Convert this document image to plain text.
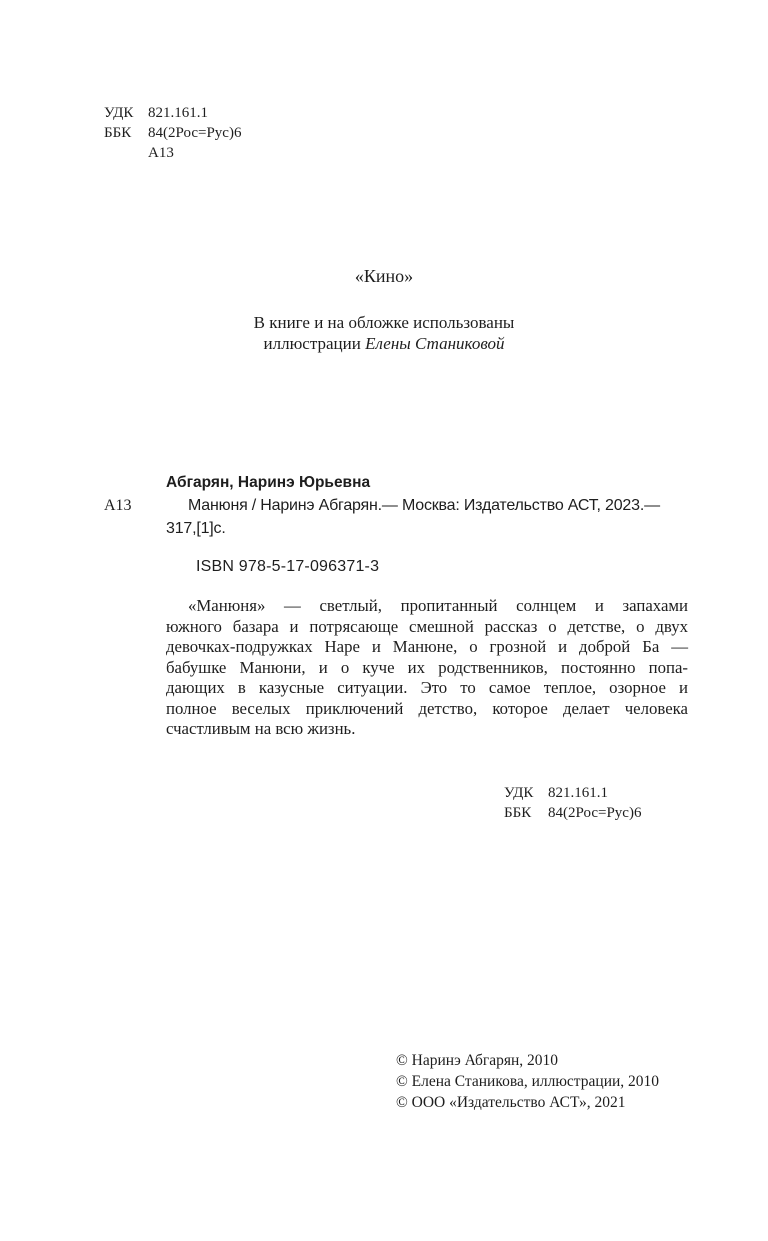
УДК 821.161.1
ББК 84(2Рос=Рус)6
А13
«Кино»
В книге и на обложке использованы
иллюстрации Елены Станиковой
Абгарян, Наринэ Юрьевна
А13	Манюня / Наринэ Абгарян.— Москва: Издательство АСТ, 2023.—
317,[1]с.
ISBN 978-5-17-096371-3
«Манюня» — светлый, пропитанный солнцем и запахами
южного базара и потрясающе смешной рассказ о детстве, о двух
девочках-подружках Наре и Манюне, о грозной и доброй Ба —
бабушке Манюни, и о куче их родственников, постоянно попа-
дающих в казусные ситуации. Это то самое теплое, озорное и
полное веселых приключений детство, которое делает человека
счастливым на всю жизнь.
УДК 821.161.1
ББК 84(2Рос=Рус)6
© Наринэ Абгарян, 2010
© Елена Станикова, иллюстрации, 2010
© ООО «Издательство АСТ», 2021
